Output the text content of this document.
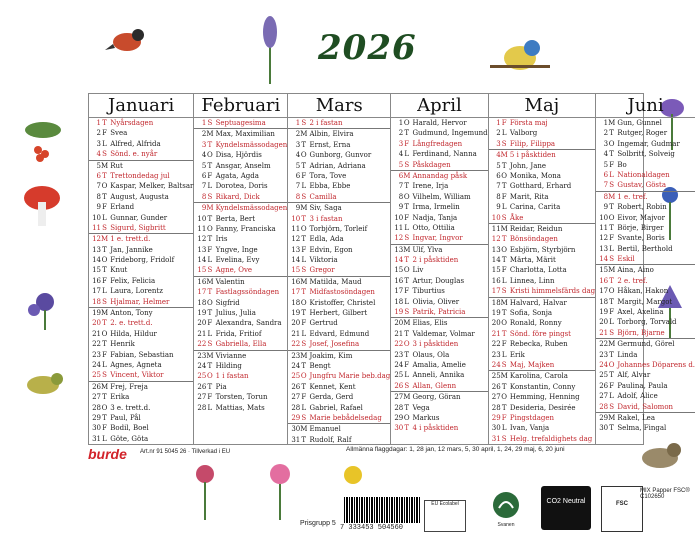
2026
Januari
1T Nyårsdagen
2F Svea
3L Alfred, Alfrida
4S Sönd. e. nyår
5M Rut
6T Trettondedag jul
7O Kaspar, Melker, Baltsar
8T August, Augusta
9F Erland
10L Gunnar, Gunder
11S Sigurd, Sigbritt
12M 1 e. trett.d.
13T Jan, Jannike
14O Frideborg, Fridolf
15T Knut
16F Felix, Felicia
17L Laura, Lorentz
18S Hjalmar, Helmer
19M Anton, Tony
20T 2. e. trett.d.
21O Hilda, Hildur
22T Henrik
23F Fabian, Sebastian
24L Agnes, Agneta
25S Vincent, Viktor
26M Frej, Freja
27T Erika
28O 3 e. trett.d.
29T Paul, Pål
30F Bodil, Boel
31L Göte, Göta
Februari
1S Septuagesima
2M Max, Maximilian
3T Kyndelsmässodagen
4O Disa, Hjördis
5T Ansgar, Anselm
6F Agata, Agda
7L Dorotea, Doris
8S Rikard, Dick
9M Kyndelsmässodagen
10T Berta, Bert
11O Fanny, Franciska
12T Iris
13F Yngve, Inge
14L Evelina, Evy
15S Agne, Ove
16M Valentin
17T Fastlagssöndagen
18O Sigfrid
19T Julius, Julia
20F Alexandra, Sandra
21L Frida, Fritiof
22S Gabriella, Ella
23M Vivianne
24T Hilding
25O 1 i fastan
26T Pia
27F Torsten, Torun
28L Mattias, Mats
Mars
1S 2 i fastan
2M Albin, Elvira
3T Ernst, Erna
4O Gunborg, Gunvor
5T Adrian, Adriana
6F Tora, Tove
7L Ebba, Ebbe
8S Camilla
9M Siv, Saga
10T 3 i fastan
11O Torbjörn, Torleif
12T Edla, Ada
13F Edvin, Egon
14L Viktoria
15S Gregor
16M Matilda, Maud
17T Midfastosöndagen
18O Kristoffer, Christel
19T Herbert, Gilbert
20F Gertrud
21L Edvard, Edmund
22S Josef, Josefina
23M Joakim, Kim
24T Bengt
25O Jungfru Marie beb.dag
26T Kennet, Kent
27F Gerda, Gerd
28L Gabriel, Rafael
29S Marie bebådelsedag
30M Emanuel
31T Rudolf, Ralf
April
1O Harald, Hervor
2T Gudmund, Ingemund
3F Långfredagen
4L Ferdinand, Nanna
5S Påskdagen
6M Annandag påsk
7T Irene, Irja
8O Vilhelm, William
9T Irma, Irmelin
10F Nadja, Tanja
11L Otto, Ottilia
12S Ingvar, Ingvor
13M Ulf, Ylva
14T 2 i påsktiden
15O Liv
16T Artur, Douglas
17F Tiburtius
18L Olivia, Oliver
19S Patrik, Patricia
20M Elias, Elis
21T Valdemar, Volmar
22O 3 i påsktiden
23T Olaus, Ola
24F Amalia, Amelie
25L Anneli, Annika
26S Allan, Glenn
27M Georg, Göran
28T Vega
29O Markus
30T 4 i påsktiden
Maj
1F Första maj
2L Valborg
3S Filip, Filippa
4M 5 i påsktiden
5T John, Jane
6O Monika, Mona
7T Gotthard, Erhard
8F Marit, Rita
9L Carina, Carita
10S Åke
11M Reidar, Reidun
12T Bönsöndagen
13O Esbjörn, Styrbjörn
14T Märta, Märit
15F Charlotta, Lotta
16L Linnea, Linn
17S Kristi himmelsfärds dag
18M Halvard, Halvar
19T Sofia, Sonja
20O Ronald, Ronny
21T Sönd. före pingst
22F Rebecka, Ruben
23L Erik
24S Maj, Majken
25M Karolina, Carola
26T Konstantin, Conny
27O Hemming, Henning
28T Desideria, Desirée
29F Pingstdagen
30L Ivan, Vanja
31S Helg. trefaldighets dag
Juni
1M Gun, Gunnel
2T Rutger, Roger
3O Ingemar, Gudmar
4T Solbritt, Solveig
5F Bo
6L Nationaldagen
7S Gustav, Gösta
8M 1 e. tref.
9T Robert, Robin
10O Eivor, Majvor
11T Börje, Birger
12F Svante, Boris
13L Bertil, Berthold
14S Eskil
15M Aina, Aino
16T 2 e. tref.
17O Håkan, Hakon
18T Margit, Margot
19F Axel, Axelina
20L Torborg, Torvald
21S Björn, Bjarne
22M Germund, Görel
23T Linda
24O Johannes Döparens d.
25T Alf, Alvar
26F Paulina, Paula
27L Adolf, Alice
28S David, Salomon
29M Rakel, Lea
30T Selma, Fingal
burde Art.nr 91 5045 26 · Tillverkad i EU	Allmänna flaggdagar: 1, 28 jan, 12 mars, 5, 30 april, 1, 24, 29 maj, 6, 20 juni
7 333453 504560
Prisgrupp 5
EU Ecolabel
Svanen
CO2 Neutral	FSC
MIX Papper FSC® C102650
